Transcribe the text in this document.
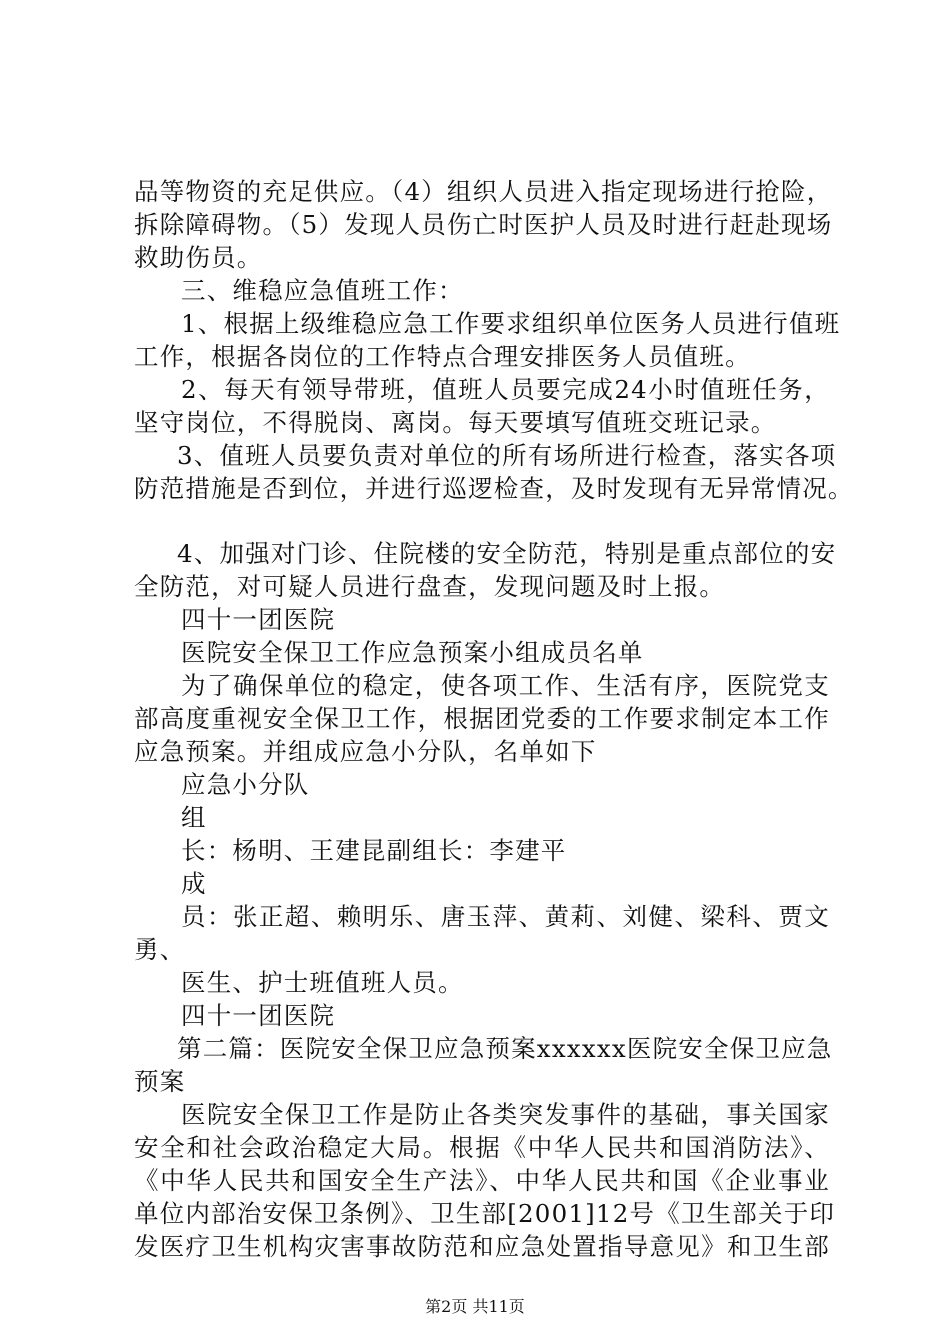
品等物资的充足供应。（4）组织人员进入指定现场进行抢险，
拆除障碍物。（5）发现人员伤亡时医护人员及时进行赶赴现场
救助伤员。
三、维稳应急值班工作：
1、根据上级维稳应急工作要求组织单位医务人员进行值班
工作，根据各岗位的工作特点合理安排医务人员值班。
2、每天有领导带班，值班人员要完成24小时值班任务，
坚守岗位，不得脱岗、离岗。每天要填写值班交班记录。
3、值班人员要负责对单位的所有场所进行检查，落实各项
防范措施是否到位，并进行巡逻检查，及时发现有无异常情况。
4、加强对门诊、住院楼的安全防范，特别是重点部位的安
全防范，对可疑人员进行盘查，发现问题及时上报。
四十一团医院
医院安全保卫工作应急预案小组成员名单
为了确保单位的稳定，使各项工作、生活有序，医院党支
部高度重视安全保卫工作，根据团党委的工作要求制定本工作
应急预案。并组成应急小分队，名单如下
应急小分队
组
长：杨明、王建昆副组长：李建平
成
员：张正超、赖明乐、唐玉萍、黄莉、刘健、梁科、贾文
勇、
医生、护士班值班人员。
四十一团医院
第二篇：医院安全保卫应急预案xxxxxx医院安全保卫应急
预案
医院安全保卫工作是防止各类突发事件的基础，事关国家
安全和社会政治稳定大局。根据《中华人民共和国消防法》、
《中华人民共和国安全生产法》、中华人民共和国《企业事业
单位内部治安保卫条例》、卫生部[2001]12号《卫生部关于印
发医疗卫生机构灾害事故防范和应急处置指导意见》和卫生部
第2页 共11页
